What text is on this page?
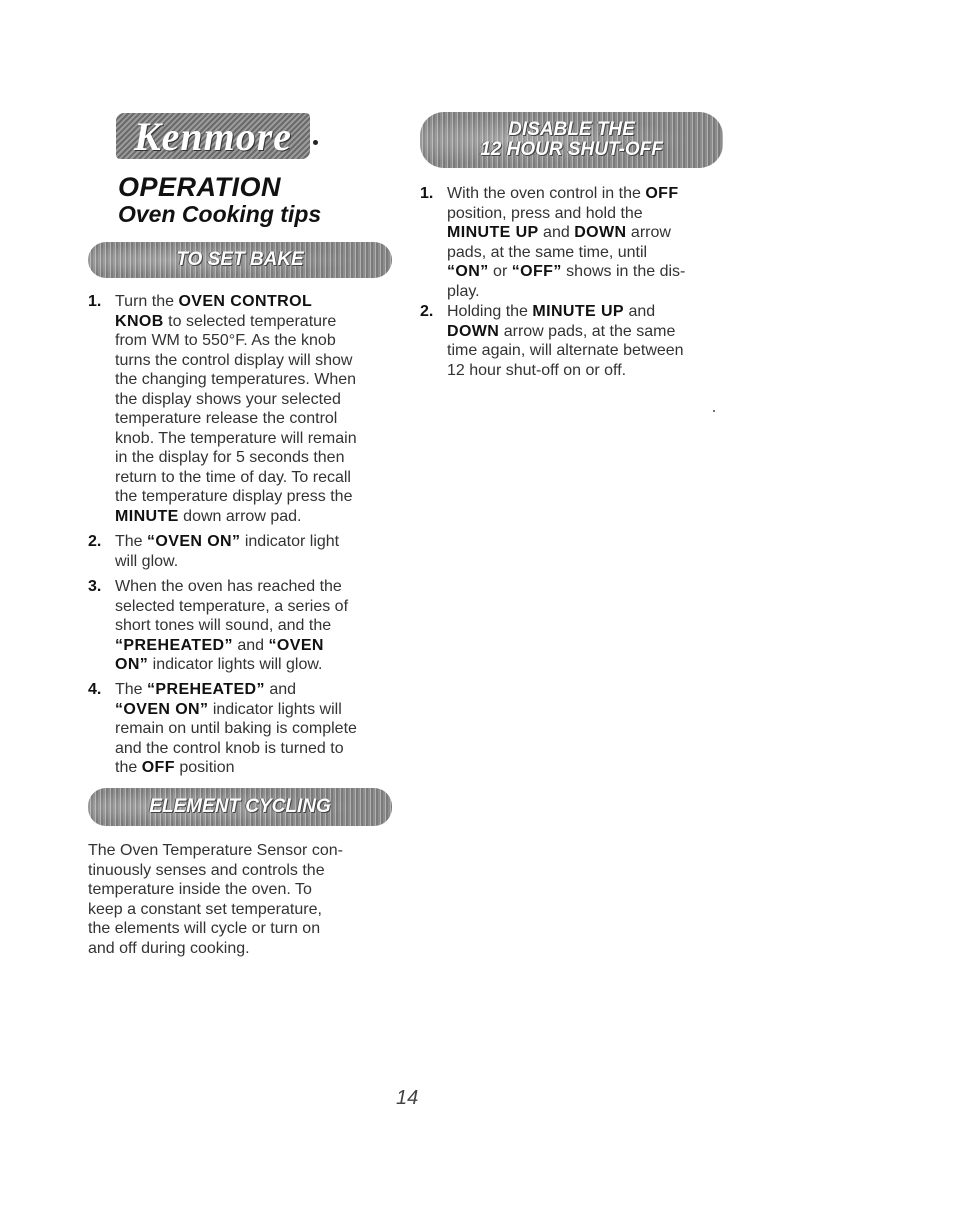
Kenmore
OPERATION
Oven Cooking tips
TO SET BAKE
1. Turn the OVEN CONTROL
KNOB to selected temperature
from WM to 550°F. As the knob
turns the control display will show
the changing temperatures. When
the display shows your selected
temperature release the control
knob. The temperature will remain
in the display for 5 seconds then
return to the time of day. To recall
the temperature display press the
MINUTE down arrow pad.
2. The “OVEN ON” indicator light
will glow.
3. When the oven has reached the
selected temperature, a series of
short tones will sound, and the
“PREHEATED” and “OVEN
ON” indicator lights will glow.
4. The “PREHEATED” and
“OVEN ON” indicator lights will
remain on until baking is complete
and the control knob is turned to
the OFF position
ELEMENT CYCLING
The Oven Temperature Sensor con-
tinuously senses and controls the
temperature inside the oven. To
keep a constant set temperature,
the elements will cycle or turn on
and off during cooking.
DISABLE THE
12 HOUR SHUT-OFF
1. With the oven control in the OFF
position, press and hold the
MINUTE UP and DOWN arrow
pads, at the same time, until
“ON” or “OFF” shows in the dis-
play.
2. Holding the MINUTE UP and
DOWN arrow pads, at the same
time again, will alternate between
12 hour shut-off on or off.
14
